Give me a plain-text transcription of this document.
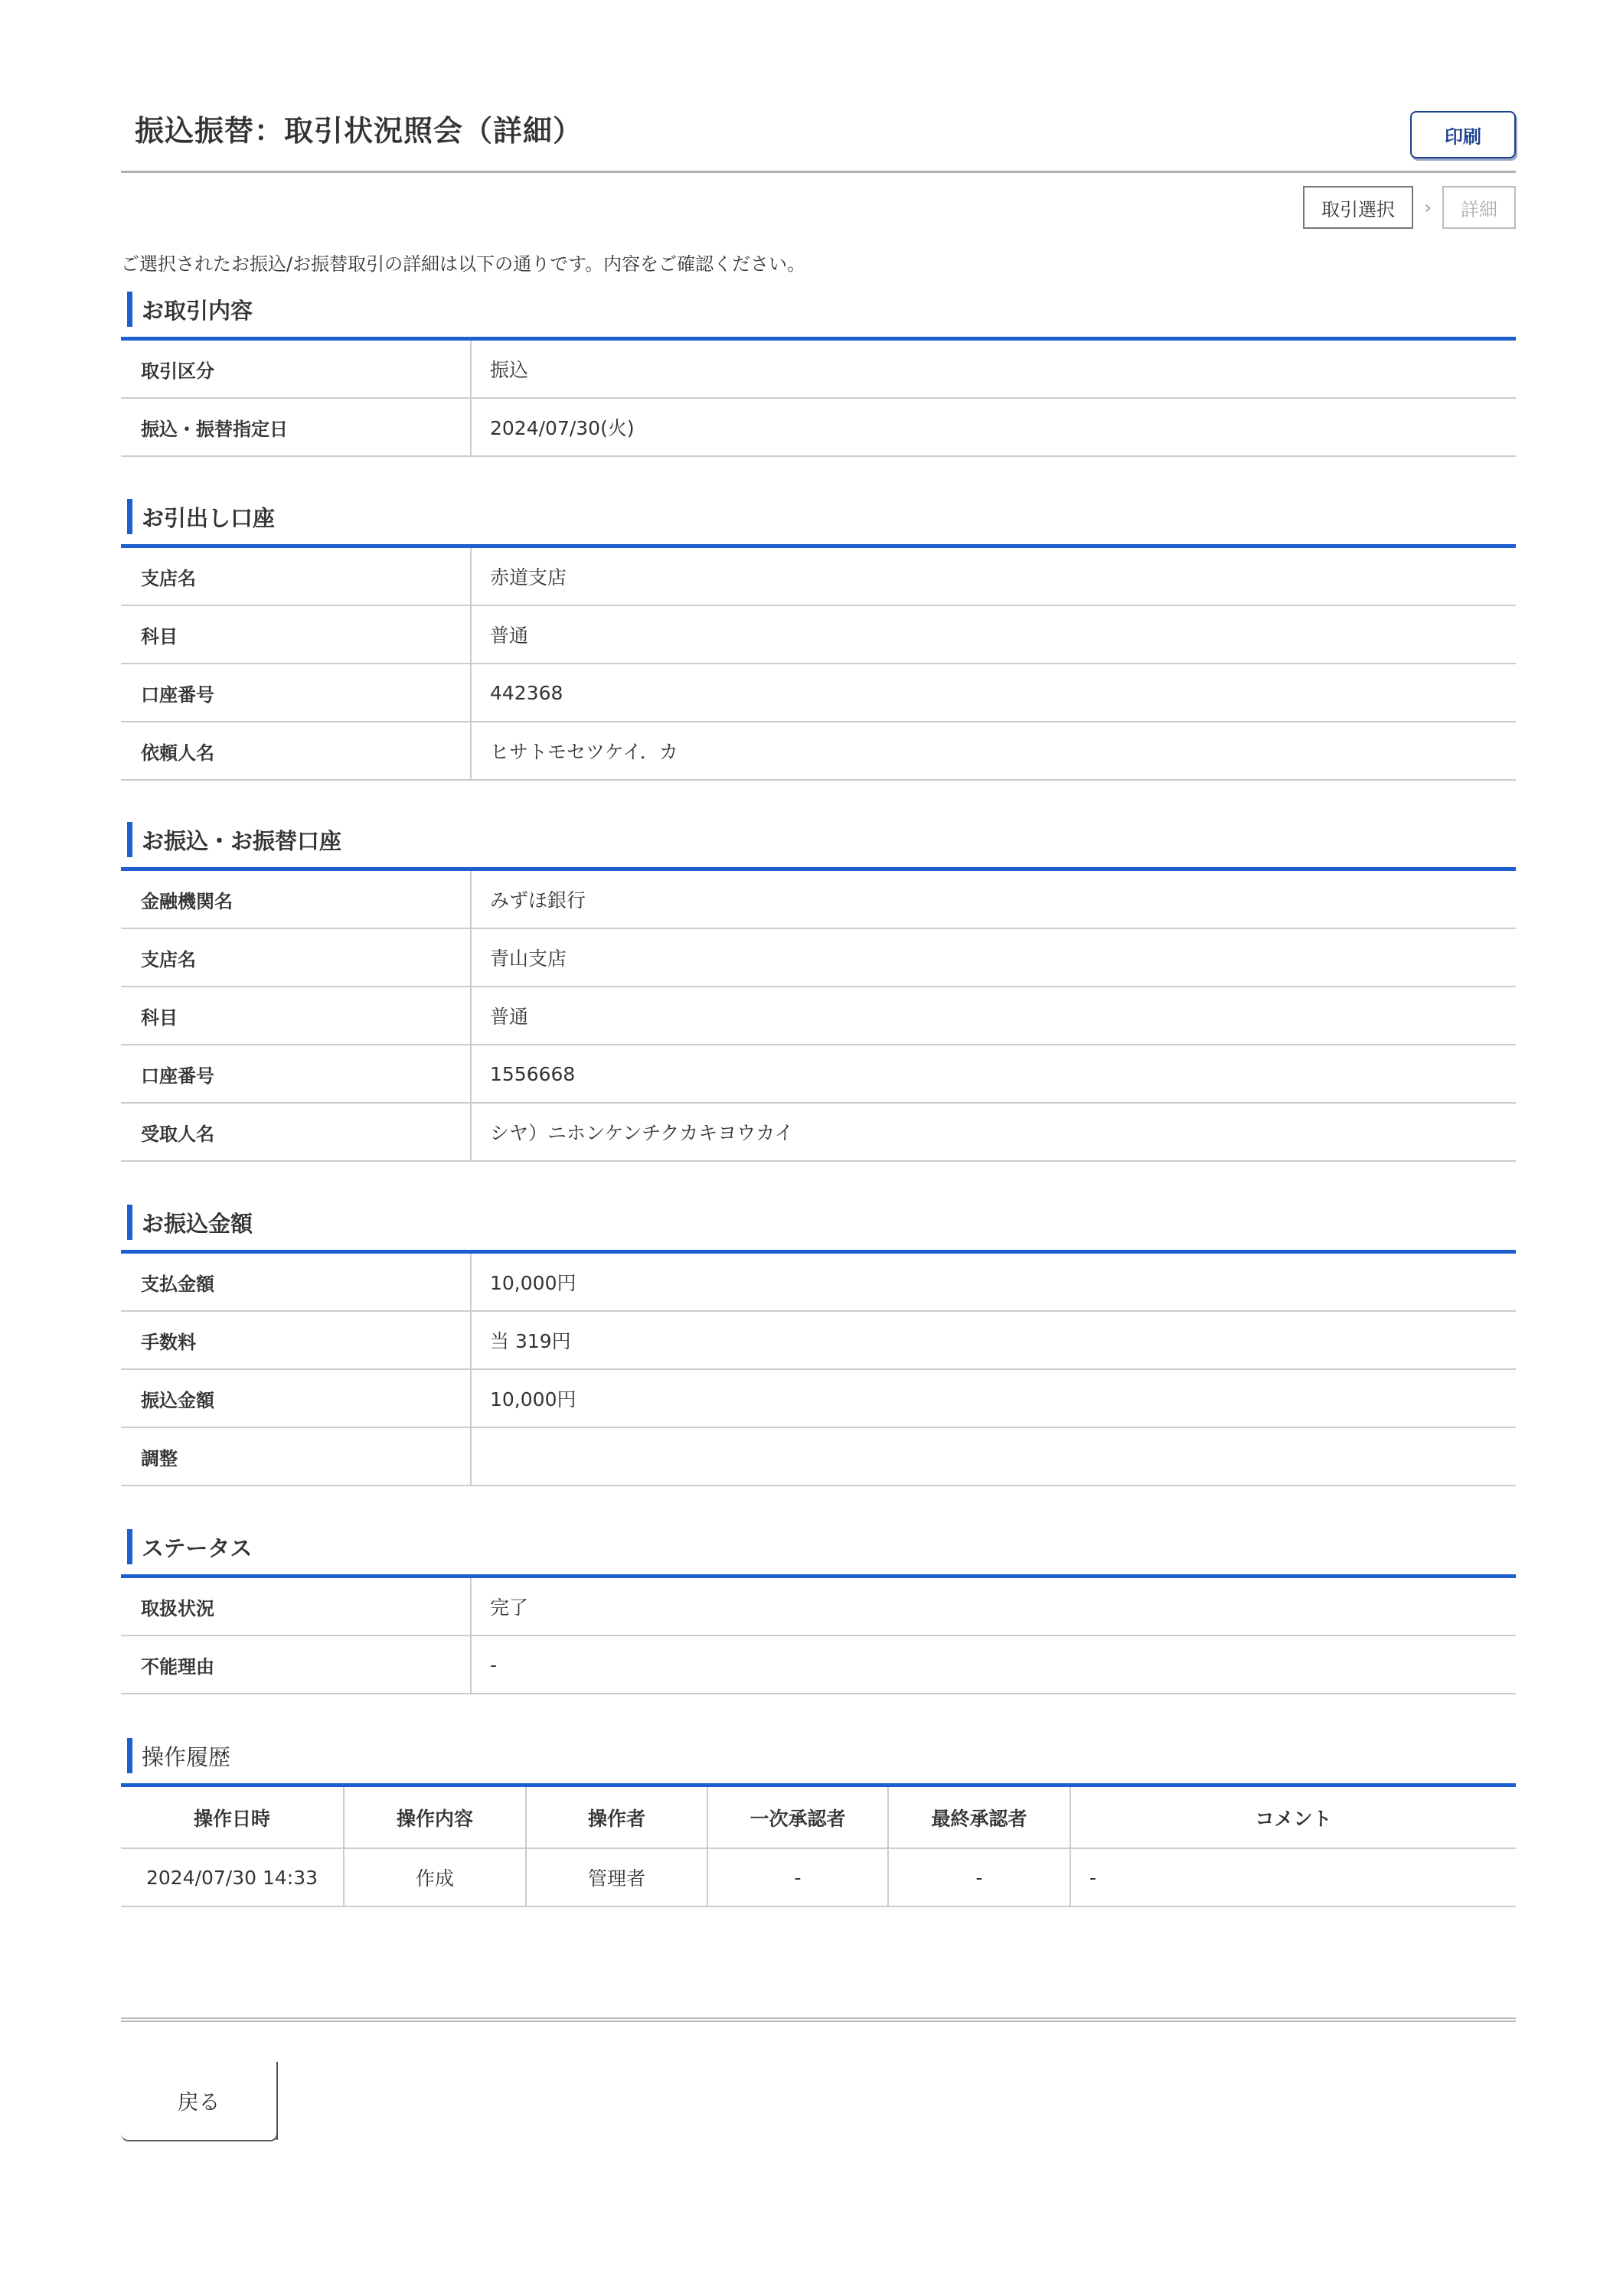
振込振替：取引状況照会（詳細）	印刷
取引選択	›	詳細

ご選択されたお振込/お振替取引の詳細は以下の通りです。内容をご確認ください。

お取引内容
取引区分	振込
振込・振替指定日	2024/07/30(火)
お引出し口座
支店名	赤道支店
科目	普通
口座番号	442368
依頼人名	ヒサトモセツケイ．カ
お振込・お振替口座
金融機関名	みずほ銀行
支店名	青山支店
科目	普通
口座番号	1556668
受取人名	シヤ）ニホンケンチクカキヨウカイ
お振込金額
支払金額	10,000円
手数料	当 319円
振込金額	10,000円
調整
ステータス
取扱状況	完了
不能理由	-
操作履歴
操作日時	操作内容	操作者	一次承認者	最終承認者	コメント
2024/07/30 14:33	作成	管理者	-	-	-
戻る
